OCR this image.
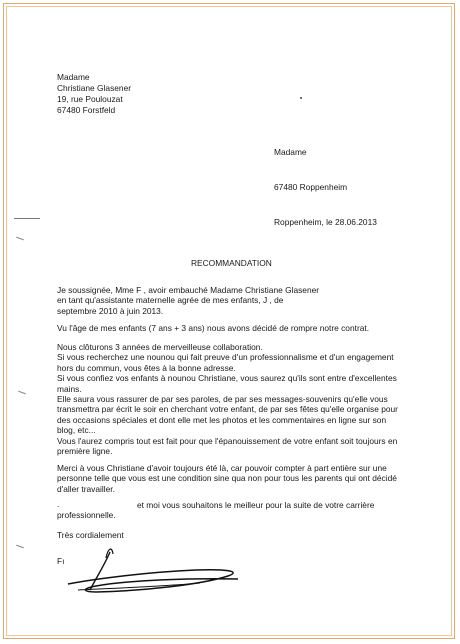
Madame
Christiane Glasener
19, rue Poulouzat
67480 Forstfeld
Madame
67480 Roppenheim
Roppenheim, le 28.06.2013
RECOMMANDATION
Je soussignée, Mme F , avoir embauché Madame Christiane Glasener
en tant qu'assistante maternelle agrée de mes enfants, J , de
septembre 2010 à juin 2013.
Vu l'âge de mes enfants (7 ans + 3 ans) nous avons décidé de rompre notre contrat.
Nous clôturons 3 années de merveilleuse collaboration.
Si vous recherchez une nounou qui fait preuve d'un professionnalisme et d'un engagement
hors du commun, vous êtes à la bonne adresse.
Si vous confiez vos enfants à nounou Christiane, vous saurez qu'ils sont entre d'excellentes
mains.
Elle saura vous rassurer de par ses paroles, de par ses messages-souvenirs qu'elle vous
transmettra par écrit le soir en cherchant votre enfant, de par ses fêtes qu'elle organise pour
des occasions spéciales et dont elle met les photos et les commentaires en ligne sur son
blog, etc...
Vous l'aurez compris tout est fait pour que l'épanouissement de votre enfant soit toujours en
première ligne.
Merci à vous Christiane d'avoir toujours été là, car pouvoir compter à part entière sur une
personne telle que vous est une condition sine qua non pour tous les parents qui ont décidé
d'aller travailler.
.	et moi vous souhaitons le meilleur pour la suite de votre carrière
professionnelle.
Très cordialement
Fı
